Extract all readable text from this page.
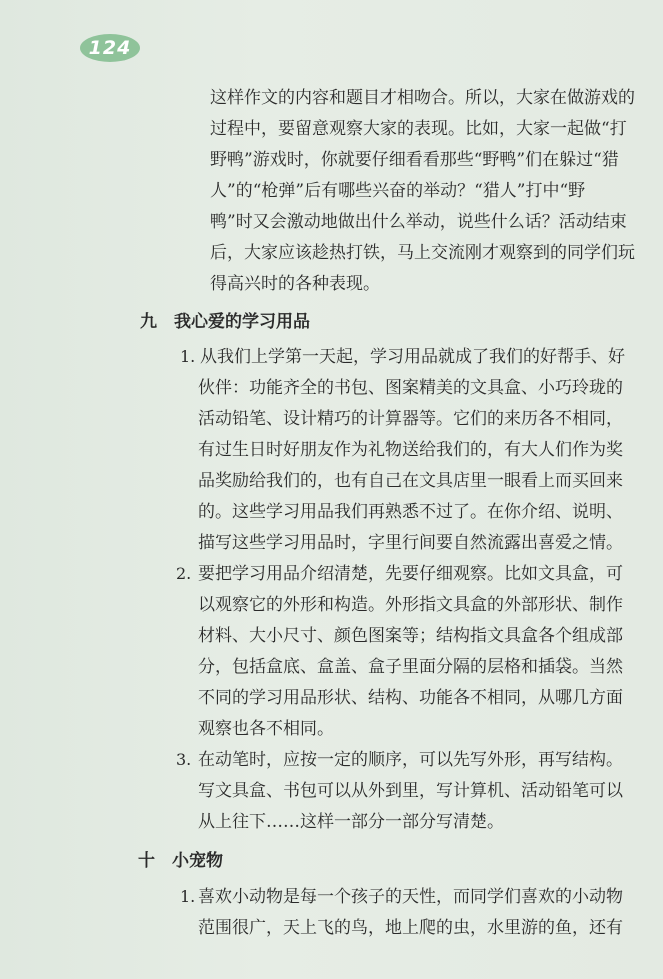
124
这样作文的内容和题目才相吻合。所以，大家在做游戏的
过程中，要留意观察大家的表现。比如，大家一起做“打
野鸭”游戏时，你就要仔细看看那些“野鸭”们在躲过“猎
人”的“枪弹”后有哪些兴奋的举动？“猎人”打中“野
鸭”时又会激动地做出什么举动，说些什么话？活动结束
后，大家应该趁热打铁，马上交流刚才观察到的同学们玩
得高兴时的各种表现。
九　我心爱的学习用品
1. 从我们上学第一天起，学习用品就成了我们的好帮手、好
伙伴：功能齐全的书包、图案精美的文具盒、小巧玲珑的
活动铅笔、设计精巧的计算器等。它们的来历各不相同，
有过生日时好朋友作为礼物送给我们的，有大人们作为奖
品奖励给我们的，也有自己在文具店里一眼看上而买回来
的。这些学习用品我们再熟悉不过了。在你介绍、说明、
描写这些学习用品时，字里行间要自然流露出喜爱之情。
2. 要把学习用品介绍清楚，先要仔细观察。比如文具盒，可
以观察它的外形和构造。外形指文具盒的外部形状、制作
材料、大小尺寸、颜色图案等；结构指文具盒各个组成部
分，包括盒底、盒盖、盒子里面分隔的层格和插袋。当然
不同的学习用品形状、结构、功能各不相同，从哪几方面
观察也各不相同。
3. 在动笔时，应按一定的顺序，可以先写外形，再写结构。
写文具盒、书包可以从外到里，写计算机、活动铅笔可以
从上往下……这样一部分一部分写清楚。
十　小宠物
1. 喜欢小动物是每一个孩子的天性，而同学们喜欢的小动物
范围很广，天上飞的鸟，地上爬的虫，水里游的鱼，还有
